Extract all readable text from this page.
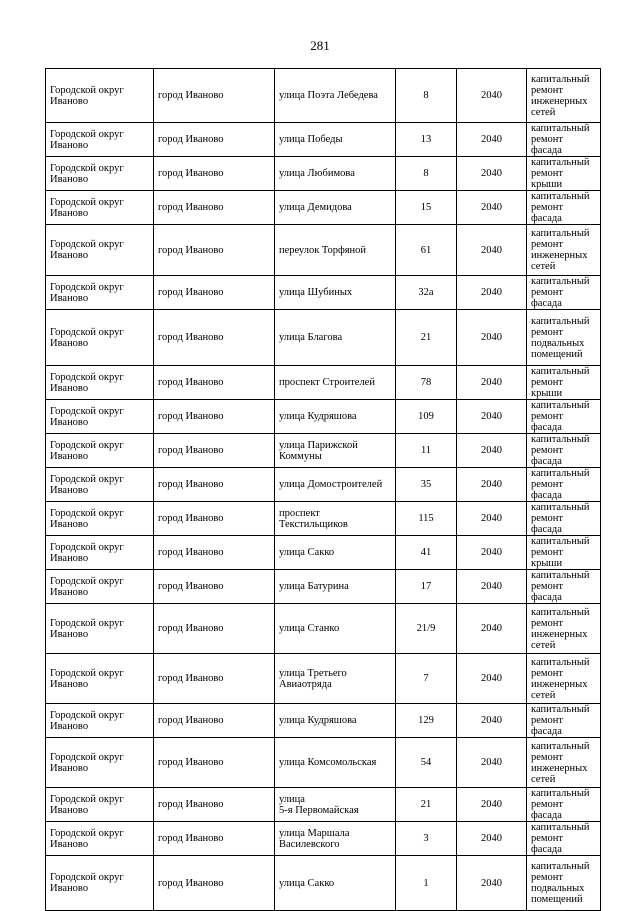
281
Городской округ
Иваново	город Иваново	улица Поэта Лебедева	8	2040	капитальный
ремонт
инженерных
сетей

Городской округ
Иваново	город Иваново	улица Победы	13	2040	капитальный
ремонт фасада

Городской округ
Иваново	город Иваново	улица Любимова	8	2040	капитальный
ремонт крыши

Городской округ
Иваново	город Иваново	улица Демидова	15	2040	капитальный
ремонт фасада

Городской округ
Иваново	город Иваново	переулок Торфяной	61	2040	капитальный
ремонт
инженерных
сетей

Городской округ
Иваново	город Иваново	улица Шубиных	32а	2040	капитальный
ремонт фасада

Городской округ
Иваново	город Иваново	улица Благова	21	2040	капитальный
ремонт
подвальных
помещений

Городской округ
Иваново	город Иваново	проспект Строителей	78	2040	капитальный
ремонт крыши

Городской округ
Иваново	город Иваново	улица Кудряшова	109	2040	капитальный
ремонт фасада

Городской округ
Иваново	город Иваново	улица Парижской
Коммуны	11	2040	капитальный
ремонт фасада

Городской округ
Иваново	город Иваново	улица Домостроителей	35	2040	капитальный
ремонт фасада

Городской округ
Иваново	город Иваново	проспект
Текстильщиков	115	2040	капитальный
ремонт фасада

Городской округ
Иваново	город Иваново	улица Сакко	41	2040	капитальный
ремонт крыши

Городской округ
Иваново	город Иваново	улица Батурина	17	2040	капитальный
ремонт фасада

Городской округ
Иваново	город Иваново	улица Станко	21/9	2040	капитальный
ремонт
инженерных
сетей

Городской округ
Иваново	город Иваново	улица Третьего
Авиаотряда	7	2040	капитальный
ремонт
инженерных
сетей

Городской округ
Иваново	город Иваново	улица Кудряшова	129	2040	капитальный
ремонт фасада

Городской округ
Иваново	город Иваново	улица Комсомольская	54	2040	капитальный
ремонт
инженерных
сетей

Городской округ
Иваново	город Иваново	улица
5-я Первомайская	21	2040	капитальный
ремонт фасада

Городской округ
Иваново	город Иваново	улица Маршала
Василевского	3	2040	капитальный
ремонт фасада

Городской округ
Иваново	город Иваново	улица Сакко	1	2040	капитальный
ремонт
подвальных
помещений
